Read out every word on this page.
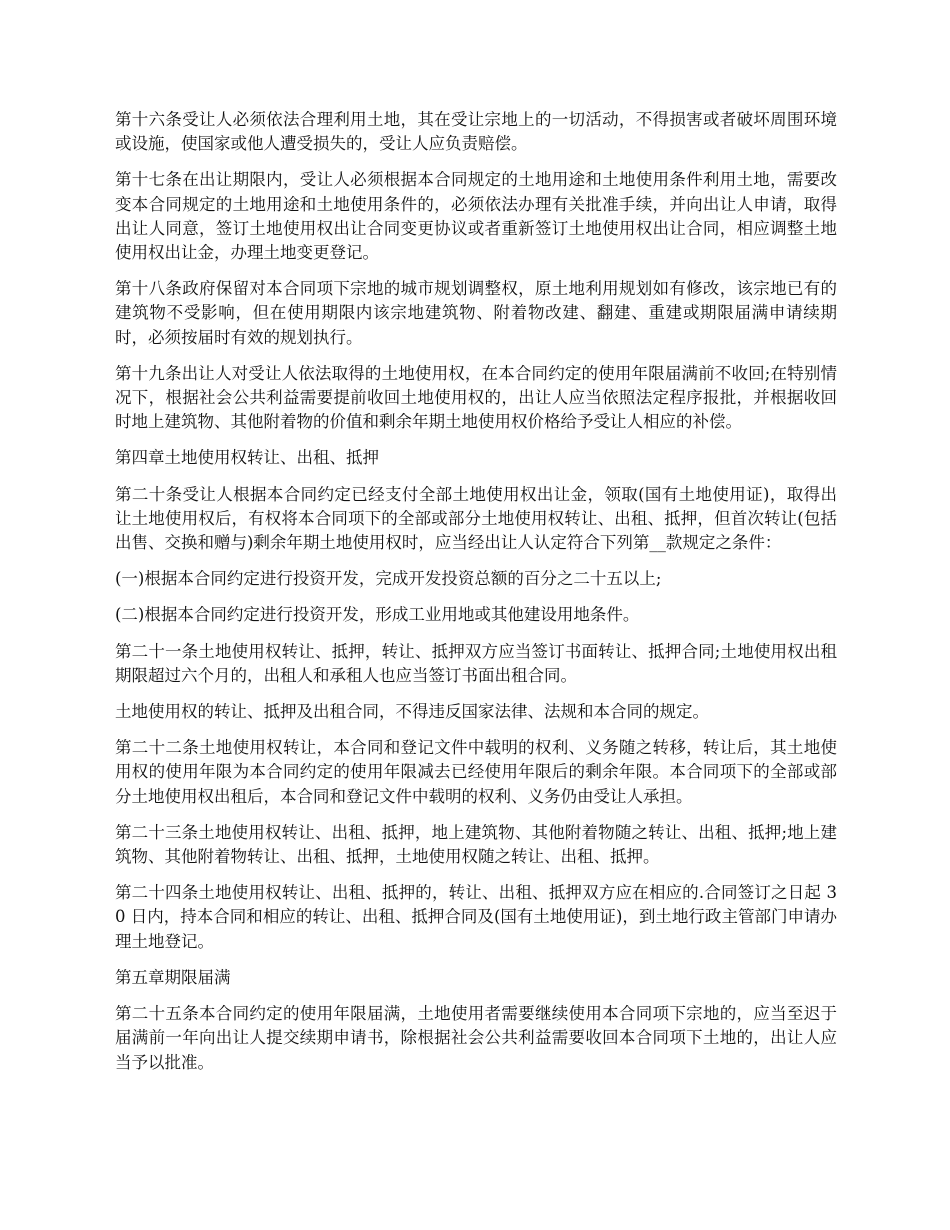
第十六条受让人必须依法合理利用土地，其在受让宗地上的一切活动，不得损害或者破坏周围环境或设施，使国家或他人遭受损失的，受让人应负责赔偿。

第十七条在出让期限内，受让人必须根据本合同规定的土地用途和土地使用条件利用土地，需要改变本合同规定的土地用途和土地使用条件的，必须依法办理有关批准手续，并向出让人申请，取得出让人同意，签订土地使用权出让合同变更协议或者重新签订土地使用权出让合同，相应调整土地使用权出让金，办理土地变更登记。

第十八条政府保留对本合同项下宗地的城市规划调整权，原土地利用规划如有修改，该宗地已有的建筑物不受影响，但在使用期限内该宗地建筑物、附着物改建、翻建、重建或期限届满申请续期时，必须按届时有效的规划执行。

第十九条出让人对受让人依法取得的土地使用权，在本合同约定的使用年限届满前不收回;在特别情况下，根据社会公共利益需要提前收回土地使用权的，出让人应当依照法定程序报批，并根据收回时地上建筑物、其他附着物的价值和剩余年期土地使用权价格给予受让人相应的补偿。

第四章土地使用权转让、出租、抵押

第二十条受让人根据本合同约定已经支付全部土地使用权出让金，领取(国有土地使用证)，取得出让土地使用权后，有权将本合同项下的全部或部分土地使用权转让、出租、抵押，但首次转让(包括出售、交换和赠与)剩余年期土地使用权时，应当经出让人认定符合下列第__款规定之条件：

(一)根据本合同约定进行投资开发，完成开发投资总额的百分之二十五以上;

(二)根据本合同约定进行投资开发，形成工业用地或其他建设用地条件。

第二十一条土地使用权转让、抵押，转让、抵押双方应当签订书面转让、抵押合同;土地使用权出租期限超过六个月的，出租人和承租人也应当签订书面出租合同。

土地使用权的转让、抵押及出租合同，不得违反国家法律、法规和本合同的规定。

第二十二条土地使用权转让，本合同和登记文件中载明的权利、义务随之转移，转让后，其土地使用权的使用年限为本合同约定的使用年限减去已经使用年限后的剩余年限。本合同项下的全部或部分土地使用权出租后，本合同和登记文件中载明的权利、义务仍由受让人承担。

第二十三条土地使用权转让、出租、抵押，地上建筑物、其他附着物随之转让、出租、抵押;地上建筑物、其他附着物转让、出租、抵押，土地使用权随之转让、出租、抵押。

第二十四条土地使用权转让、出租、抵押的，转让、出租、抵押双方应在相应的.合同签订之日起 30 日内，持本合同和相应的转让、出租、抵押合同及(国有土地使用证)，到土地行政主管部门申请办理土地登记。

第五章期限届满

第二十五条本合同约定的使用年限届满，土地使用者需要继续使用本合同项下宗地的，应当至迟于届满前一年向出让人提交续期申请书，除根据社会公共利益需要收回本合同项下土地的，出让人应当予以批准。
